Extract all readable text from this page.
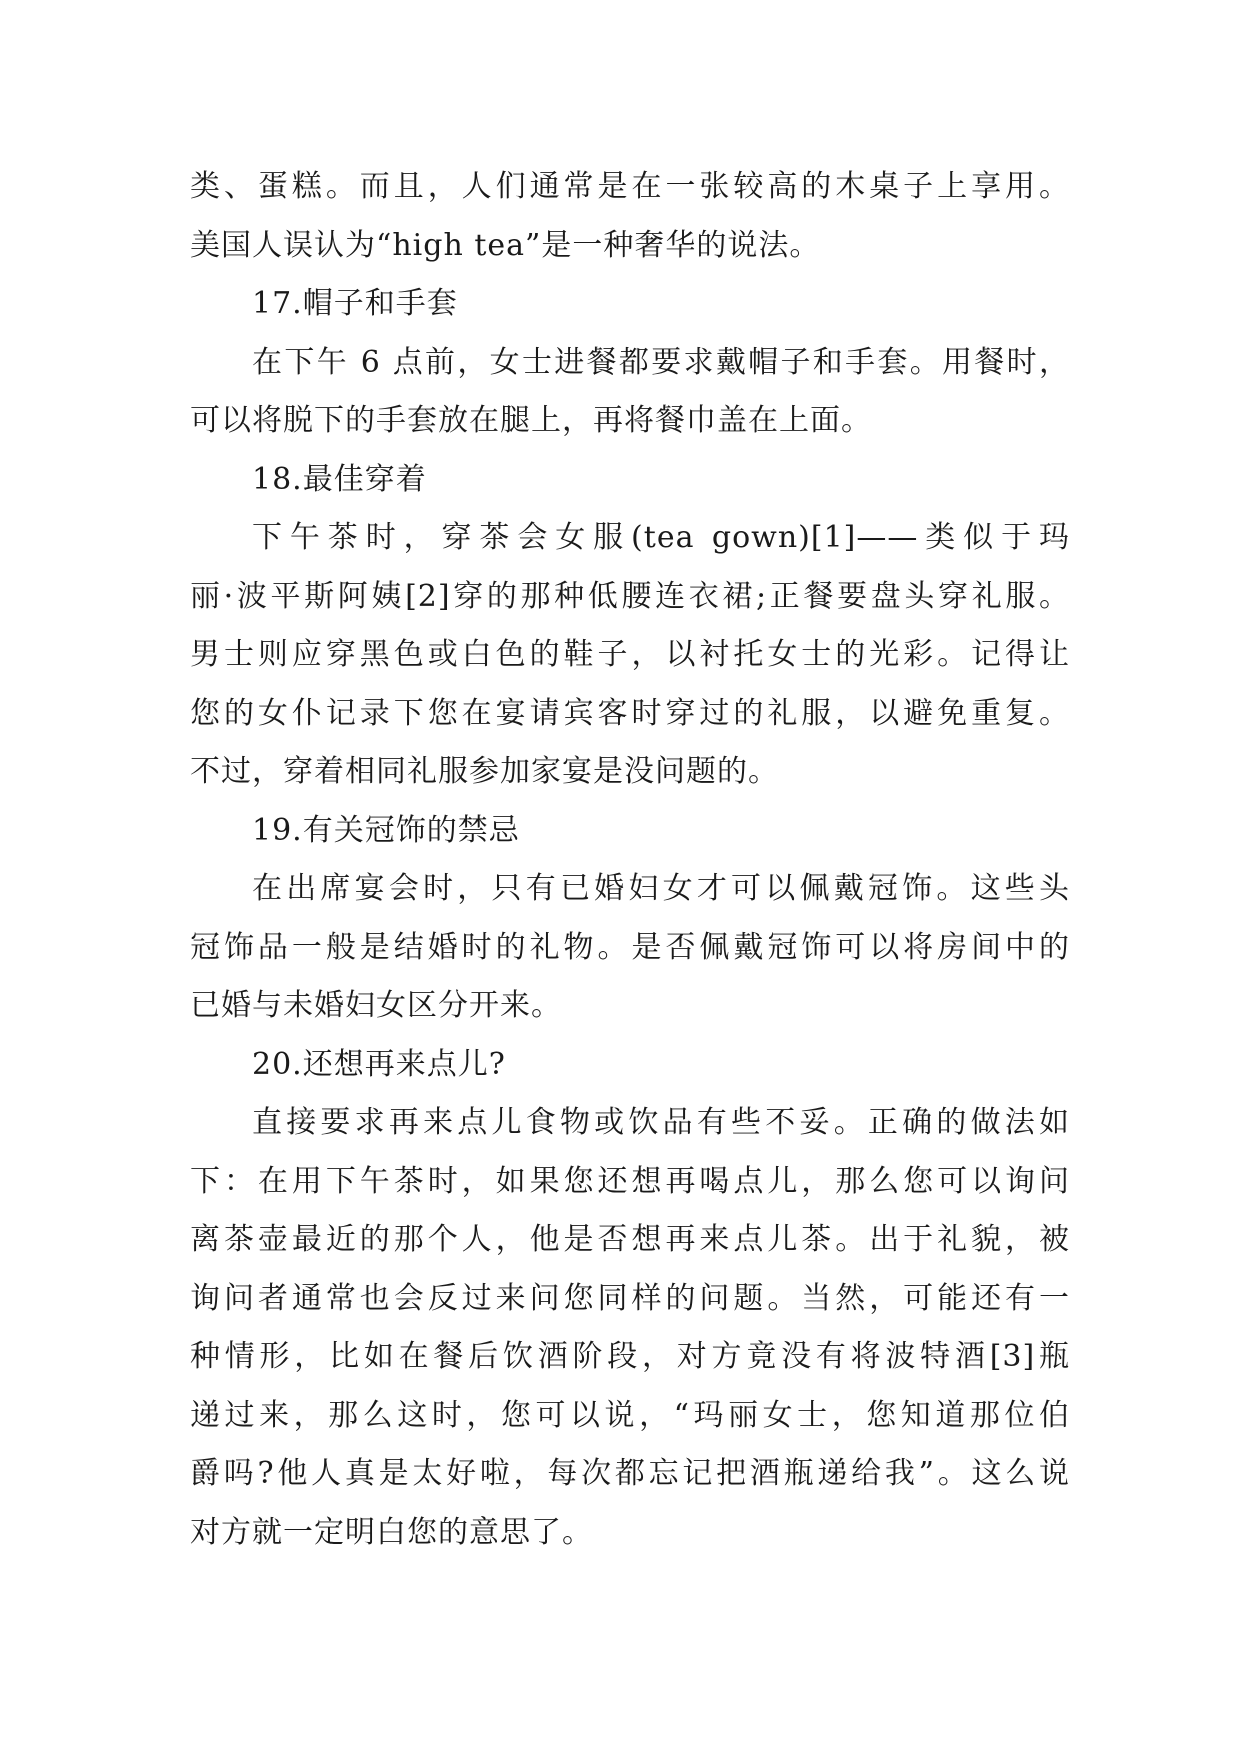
类、蛋糕。而且，人们通常是在一张较高的木桌子上享用。
美国人误认为“high tea”是一种奢华的说法。
17.帽子和手套
在下午 6 点前，女士进餐都要求戴帽子和手套。用餐时，
可以将脱下的手套放在腿上，再将餐巾盖在上面。
18.最佳穿着
下午茶时，穿茶会女服(tea gown)[1]——类似于玛
丽·波平斯阿姨[2]穿的那种低腰连衣裙;正餐要盘头穿礼服。
男士则应穿黑色或白色的鞋子，以衬托女士的光彩。记得让
您的女仆记录下您在宴请宾客时穿过的礼服，以避免重复。
不过，穿着相同礼服参加家宴是没问题的。
19.有关冠饰的禁忌
在出席宴会时，只有已婚妇女才可以佩戴冠饰。这些头
冠饰品一般是结婚时的礼物。是否佩戴冠饰可以将房间中的
已婚与未婚妇女区分开来。
20.还想再来点儿?
直接要求再来点儿食物或饮品有些不妥。正确的做法如
下：在用下午茶时，如果您还想再喝点儿，那么您可以询问
离茶壶最近的那个人，他是否想再来点儿茶。出于礼貌，被
询问者通常也会反过来问您同样的问题。当然，可能还有一
种情形，比如在餐后饮酒阶段，对方竟没有将波特酒[3]瓶
递过来，那么这时，您可以说，“玛丽女士，您知道那位伯
爵吗?他人真是太好啦，每次都忘记把酒瓶递给我”。这么说
对方就一定明白您的意思了。
